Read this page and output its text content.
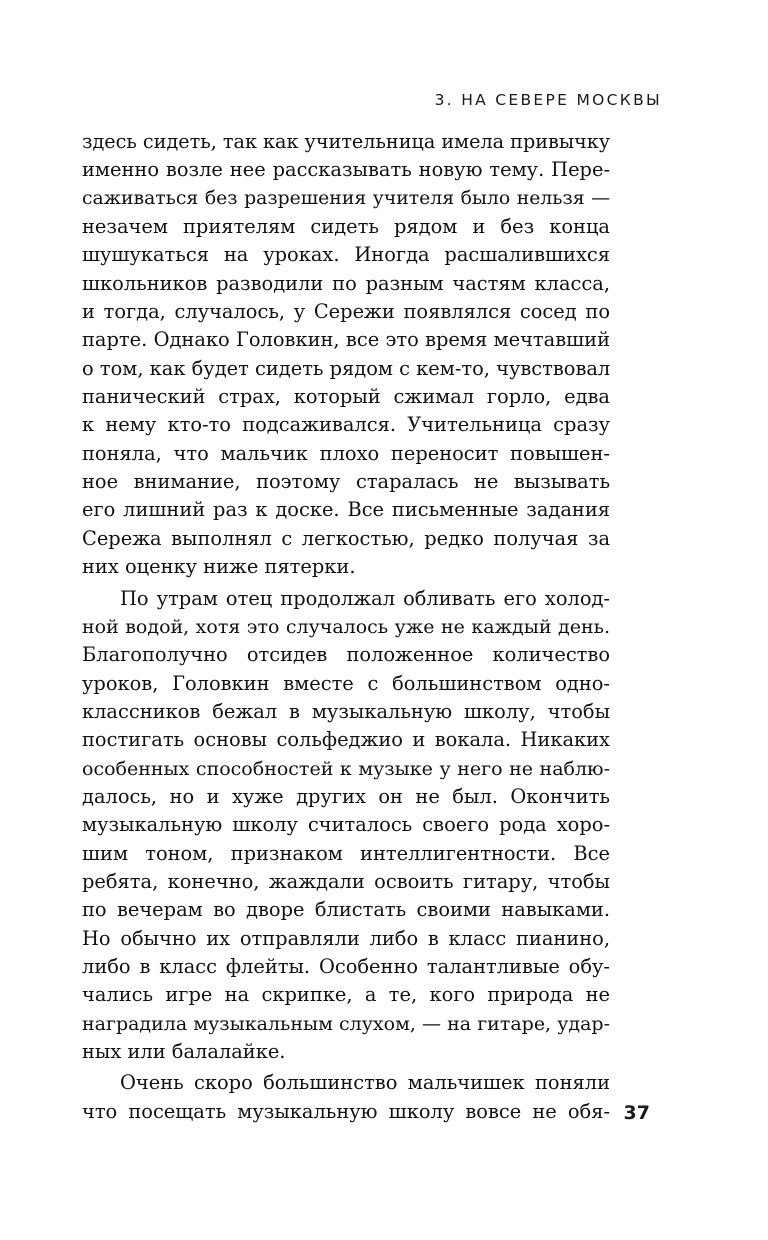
3. НА СЕВЕРЕ МОСКВЫ
здесь сидеть, так как учительница имела привычку
именно возле нее рассказывать новую тему. Пере-
саживаться без разрешения учителя было нельзя —
незачем приятелям сидеть рядом и без конца
шушукаться на уроках. Иногда расшалившихся
школьников разводили по разным частям класса,
и тогда, случалось, у Сережи появлялся сосед по
парте. Однако Головкин, все это время мечтавший
о том, как будет сидеть рядом с кем-то, чувствовал
панический страх, который сжимал горло, едва
к нему кто-то подсаживался. Учительница сразу
поняла, что мальчик плохо переносит повышен-
ное внимание, поэтому старалась не вызывать
его лишний раз к доске. Все письменные задания
Сережа выполнял с легкостью, редко получая за
них оценку ниже пятерки.
По утрам отец продолжал обливать его холод-
ной водой, хотя это случалось уже не каждый день.
Благополучно отсидев положенное количество
уроков, Головкин вместе с большинством одно-
классников бежал в музыкальную школу, чтобы
постигать основы сольфеджио и вокала. Никаких
особенных способностей к музыке у него не наблю-
далось, но и хуже других он не был. Окончить
музыкальную школу считалось своего рода хоро-
шим тоном, признаком интеллигентности. Все
ребята, конечно, жаждали освоить гитару, чтобы
по вечерам во дворе блистать своими навыками.
Но обычно их отправляли либо в класс пианино,
либо в класс флейты. Особенно талантливые обу-
чались игре на скрипке, а те, кого природа не
наградила музыкальным слухом, — на гитаре, удар-
ных или балалайке.
Очень скоро большинство мальчишек поняли
что посещать музыкальную школу вовсе не обя- 37
